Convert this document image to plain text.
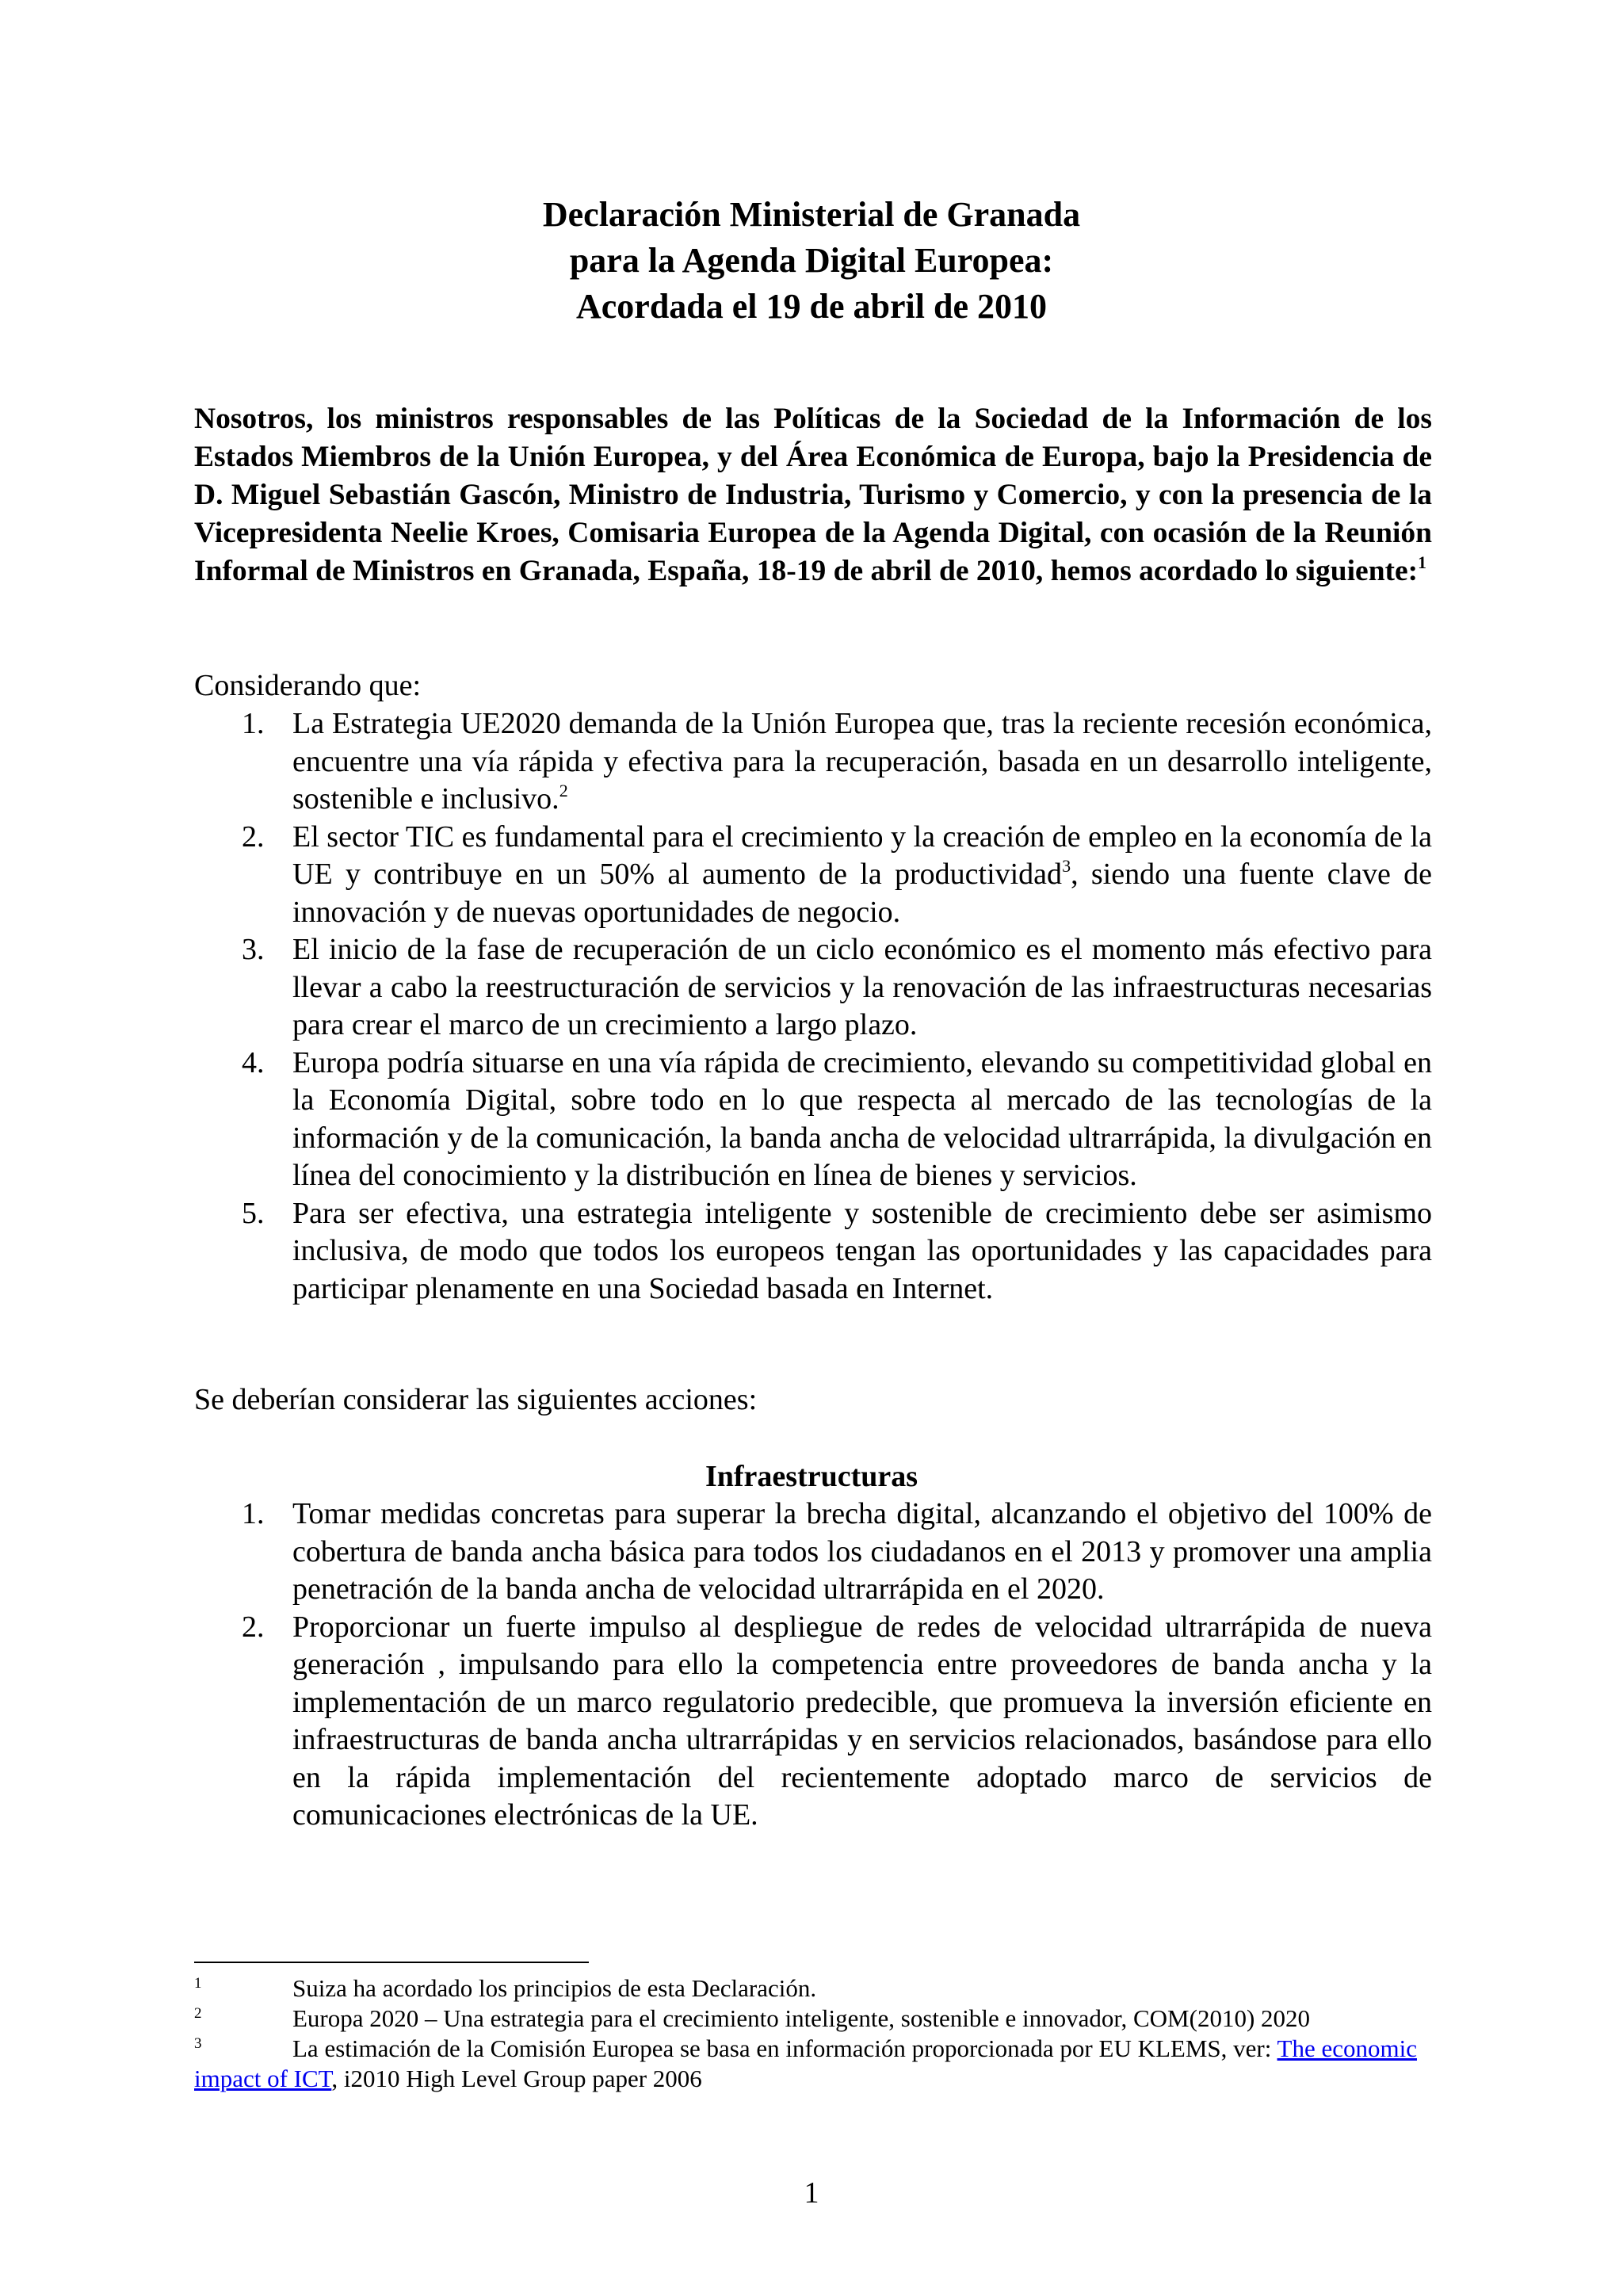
Declaración Ministerial de Granada
para la Agenda Digital Europea:
Acordada el 19 de abril de 2010
Nosotros, los ministros responsables de las Políticas de la Sociedad de la Información de los Estados Miembros de la Unión Europea, y del Área Económica de Europa, bajo la Presidencia de D. Miguel Sebastián Gascón, Ministro de Industria, Turismo y Comercio, y con la presencia de la Vicepresidenta Neelie Kroes, Comisaria Europea de la Agenda Digital, con ocasión de la Reunión Informal de Ministros en Granada, España, 18-19 de abril de 2010, hemos acordado lo siguiente:$^1$
Considerando que:
1. La Estrategia UE2020 demanda de la Unión Europea que, tras la reciente recesión económica, encuentre una vía rápida y efectiva para la recuperación, basada en un desarrollo inteligente, sostenible e inclusivo.$^2$
2. El sector TIC es fundamental para el crecimiento y la creación de empleo en la economía de la UE y contribuye en un 50% al aumento de la productividad$^3$, siendo una fuente clave de innovación y de nuevas oportunidades de negocio.
3. El inicio de la fase de recuperación de un ciclo económico es el momento más efectivo para llevar a cabo la reestructuración de servicios y la renovación de las infraestructuras necesarias para crear el marco de un crecimiento a largo plazo.
4. Europa podría situarse en una vía rápida de crecimiento, elevando su competitividad global en la Economía Digital, sobre todo en lo que respecta al mercado de las tecnologías de la información y de la comunicación, la banda ancha de velocidad ultrarrápida, la divulgación en línea del conocimiento y la distribución en línea de bienes y servicios.
5. Para ser efectiva, una estrategia inteligente y sostenible de crecimiento debe ser asimismo inclusiva, de modo que todos los europeos tengan las oportunidades y las capacidades para participar plenamente en una Sociedad basada en Internet.
Se deberían considerar las siguientes acciones:
Infraestructuras
1. Tomar medidas concretas para superar la brecha digital, alcanzando el objetivo del 100% de cobertura de banda ancha básica para todos los ciudadanos en el 2013 y promover una amplia penetración de la banda ancha de velocidad ultrarrápida en el 2020.
2. Proporcionar un fuerte impulso al despliegue de redes de velocidad ultrarrápida de nueva generación , impulsando para ello la competencia entre proveedores de banda ancha y la implementación de un marco regulatorio predecible, que promueva la inversión eficiente en infraestructuras de banda ancha ultrarrápidas y en servicios relacionados, basándose para ello en la rápida implementación del recientemente adoptado marco de servicios de comunicaciones electrónicas de la UE.
1	Suiza ha acordado los principios de esta Declaración.
2	Europa 2020 – Una estrategia para el crecimiento inteligente, sostenible e innovador, COM(2010) 2020
3	La estimación de la Comisión Europea se basa en información proporcionada por EU KLEMS, ver: The economic impact of ICT, i2010 High Level Group paper 2006
1
